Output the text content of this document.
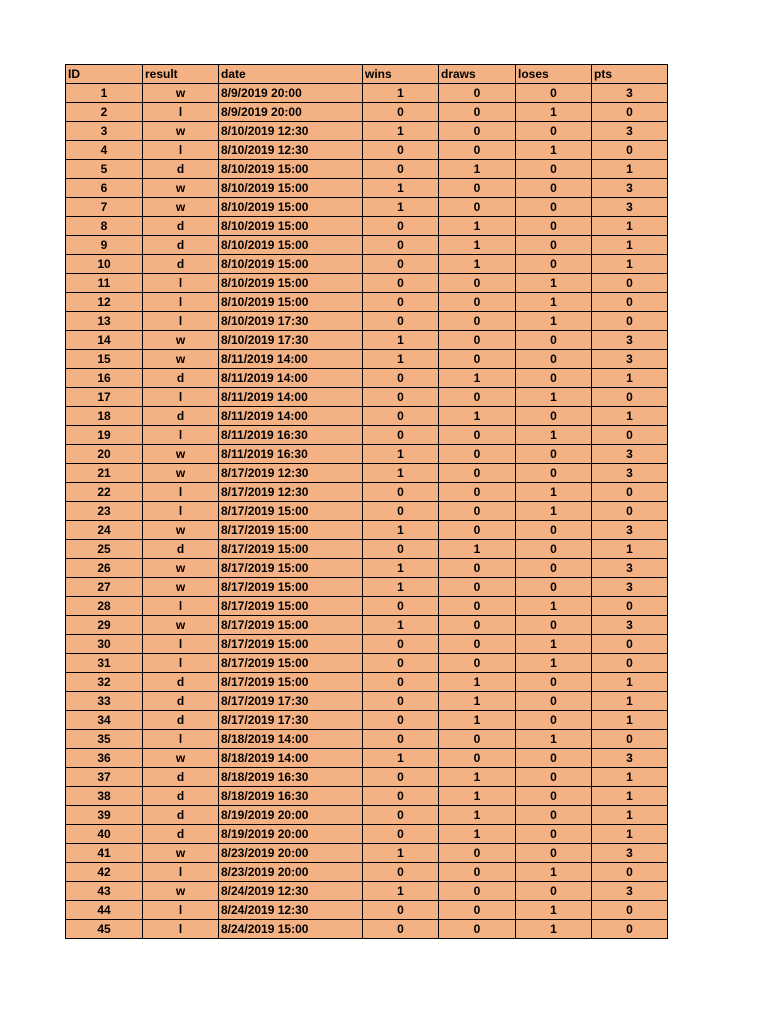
ID	result	date	wins	draws	loses	pts
1	w	8/9/2019 20:00	1	0	0	3
2	l	8/9/2019 20:00	0	0	1	0
3	w	8/10/2019 12:30	1	0	0	3
4	l	8/10/2019 12:30	0	0	1	0
5	d	8/10/2019 15:00	0	1	0	1
6	w	8/10/2019 15:00	1	0	0	3
7	w	8/10/2019 15:00	1	0	0	3
8	d	8/10/2019 15:00	0	1	0	1
9	d	8/10/2019 15:00	0	1	0	1
10	d	8/10/2019 15:00	0	1	0	1
11	l	8/10/2019 15:00	0	0	1	0
12	l	8/10/2019 15:00	0	0	1	0
13	l	8/10/2019 17:30	0	0	1	0
14	w	8/10/2019 17:30	1	0	0	3
15	w	8/11/2019 14:00	1	0	0	3
16	d	8/11/2019 14:00	0	1	0	1
17	l	8/11/2019 14:00	0	0	1	0
18	d	8/11/2019 14:00	0	1	0	1
19	l	8/11/2019 16:30	0	0	1	0
20	w	8/11/2019 16:30	1	0	0	3
21	w	8/17/2019 12:30	1	0	0	3
22	l	8/17/2019 12:30	0	0	1	0
23	l	8/17/2019 15:00	0	0	1	0
24	w	8/17/2019 15:00	1	0	0	3
25	d	8/17/2019 15:00	0	1	0	1
26	w	8/17/2019 15:00	1	0	0	3
27	w	8/17/2019 15:00	1	0	0	3
28	l	8/17/2019 15:00	0	0	1	0
29	w	8/17/2019 15:00	1	0	0	3
30	l	8/17/2019 15:00	0	0	1	0
31	l	8/17/2019 15:00	0	0	1	0
32	d	8/17/2019 15:00	0	1	0	1
33	d	8/17/2019 17:30	0	1	0	1
34	d	8/17/2019 17:30	0	1	0	1
35	l	8/18/2019 14:00	0	0	1	0
36	w	8/18/2019 14:00	1	0	0	3
37	d	8/18/2019 16:30	0	1	0	1
38	d	8/18/2019 16:30	0	1	0	1
39	d	8/19/2019 20:00	0	1	0	1
40	d	8/19/2019 20:00	0	1	0	1
41	w	8/23/2019 20:00	1	0	0	3
42	l	8/23/2019 20:00	0	0	1	0
43	w	8/24/2019 12:30	1	0	0	3
44	l	8/24/2019 12:30	0	0	1	0
45	l	8/24/2019 15:00	0	0	1	0
